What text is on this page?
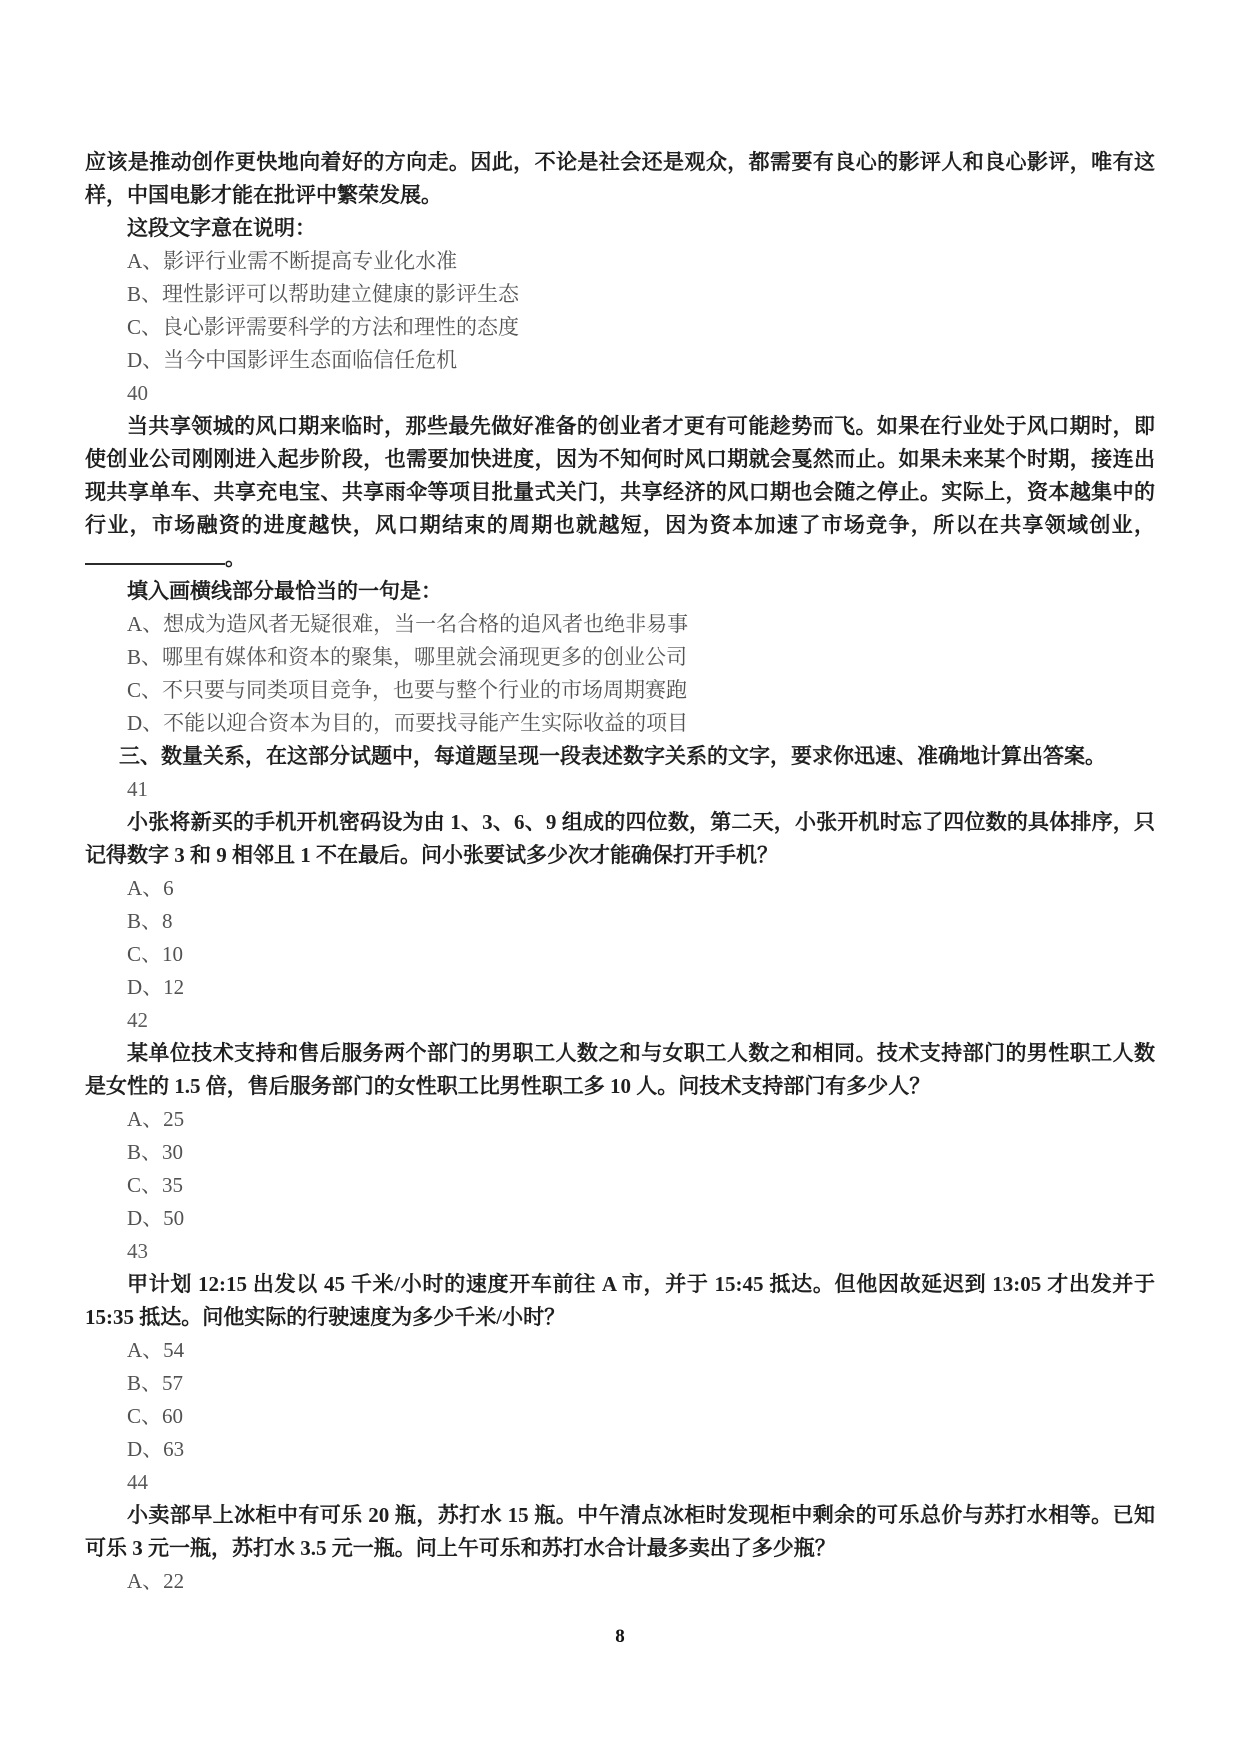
应该是推动创作更快地向着好的方向走。因此，不论是社会还是观众，都需要有良心的影评人和良心影评，唯有这样，中国电影才能在批评中繁荣发展。

这段文字意在说明：

A、影评行业需不断提高专业化水准

B、理性影评可以帮助建立健康的影评生态

C、良心影评需要科学的方法和理性的态度

D、当今中国影评生态面临信任危机

40

当共享领城的风口期来临时，那些最先做好准备的创业者才更有可能趁势而飞。如果在行业处于风口期时，即使创业公司刚刚进入起步阶段，也需要加快进度，因为不知何时风口期就会戛然而止。如果未来某个时期，接连出现共享单车、共享充电宝、共享雨伞等项目批量式关门，共享经济的风口期也会随之停止。实际上，资本越集中的行业，市场融资的进度越快，风口期结束的周期也就越短，因为资本加速了市场竞争，所以在共享领域创业，。

填入画横线部分最恰当的一句是：

A、想成为造风者无疑很难，当一名合格的追风者也绝非易事

B、哪里有媒体和资本的聚集，哪里就会涌现更多的创业公司

C、不只要与同类项目竞争，也要与整个行业的市场周期赛跑

D、不能以迎合资本为目的，而要找寻能产生实际收益的项目

三、数量关系，在这部分试题中，每道题呈现一段表述数字关系的文字，要求你迅速、准确地计算出答案。

41

小张将新买的手机开机密码设为由 1、3、6、9 组成的四位数，第二天，小张开机时忘了四位数的具体排序，只记得数字 3 和 9 相邻且 1 不在最后。问小张要试多少次才能确保打开手机？

A、6

B、8

C、10

D、12

42

某单位技术支持和售后服务两个部门的男职工人数之和与女职工人数之和相同。技术支持部门的男性职工人数是女性的 1.5 倍，售后服务部门的女性职工比男性职工多 10 人。问技术支持部门有多少人？

A、25

B、30

C、35

D、50

43

甲计划 12:15 出发以 45 千米/小时的速度开车前往 A 市，并于 15:45 抵达。但他因故延迟到 13:05 才出发并于 15:35 抵达。问他实际的行驶速度为多少千米/小时？

A、54

B、57

C、60

D、63

44

小卖部早上冰柜中有可乐 20 瓶，苏打水 15 瓶。中午清点冰柜时发现柜中剩余的可乐总价与苏打水相等。已知可乐 3 元一瓶，苏打水 3.5 元一瓶。问上午可乐和苏打水合计最多卖出了多少瓶？

A、22

8
